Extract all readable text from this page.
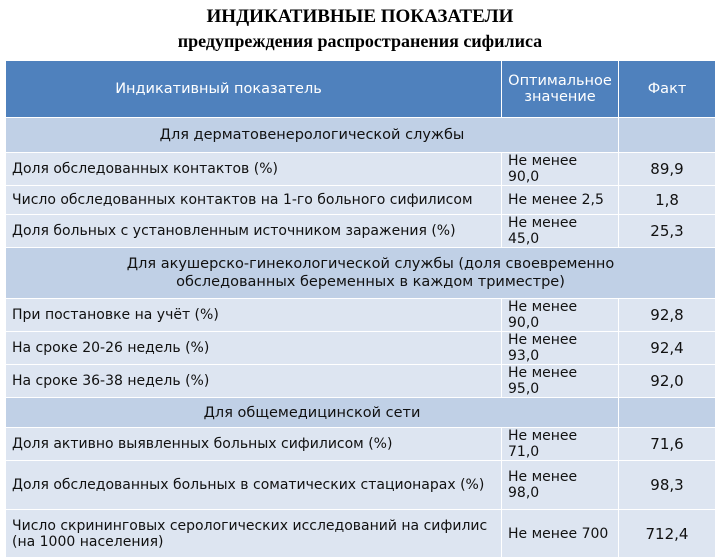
ИНДИКАТИВНЫЕ ПОКАЗАТЕЛИ
предупреждения распространения сифилиса
Индикативный показатель	Оптимальное значение	Факт
Для дерматовенерологической службы		
Доля обследованных контактов (%)	Не менее 90,0	89,9
Число обследованных контактов на 1-го больного сифилисом	Не менее 2,5	1,8
Доля больных с установленным источником заражения (%)	Не менее 45,0	25,3
Для акушерско-гинекологической службы (доля своевременно обследованных беременных в каждом триместре)		
При постановке на учёт (%)	Не менее 90,0	92,8
На сроке 20-26 недель (%)	Не менее 93,0	92,4
На сроке 36-38 недель (%)	Не менее 95,0	92,0
Для общемедицинской сети		
Доля активно выявленных больных сифилисом (%)	Не менее 71,0	71,6
Доля обследованных больных в соматических стационарах (%)	Не менее 98,0	98,3
Число скрининговых серологических исследований на сифилис (на 1000 населения)	Не менее 700	712,4
